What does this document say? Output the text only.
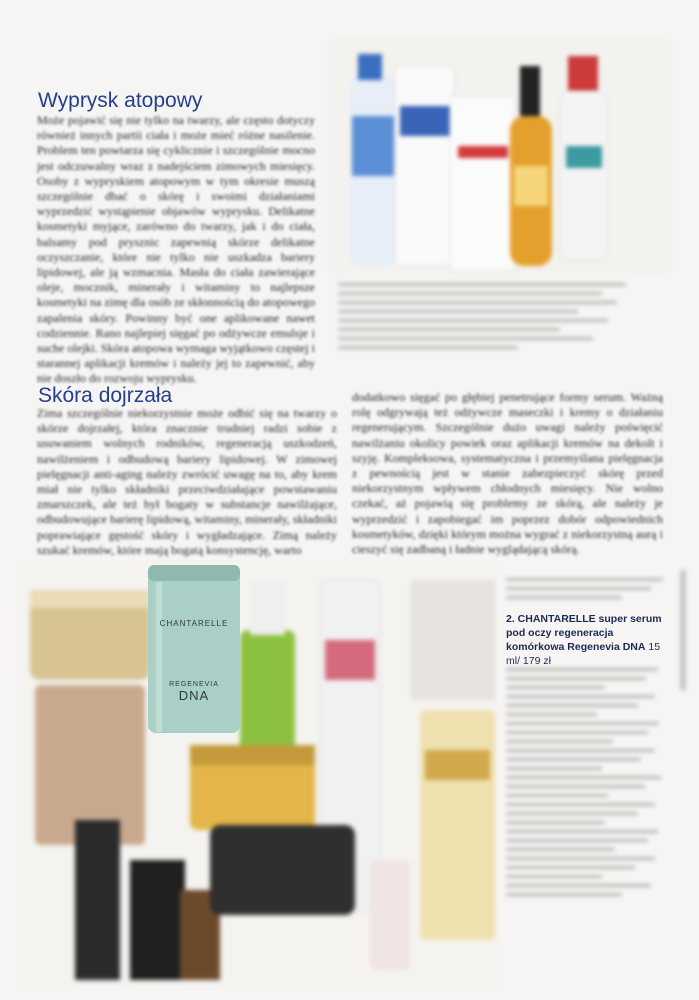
Wyprysk atopowy

Może pojawić się nie tylko na twarzy, ale często dotyczy również innych partii ciała i może mieć różne nasilenie. Problem ten powtarza się cyklicznie i szczególnie mocno jest odczuwalny wraz z nadejściem zimowych miesięcy. Osoby z wypryskiem atopowym w tym okresie muszą szczególnie dbać o skórę i swoimi działaniami wyprzedzić wystąpienie objawów wyprysku. Delikatne kosmetyki myjące, zarówno do twarzy, jak i do ciała, balsamy pod prysznic zapewnią skórze delikatne oczyszczanie, które nie tylko nie uszkadza bariery lipidowej, ale ją wzmacnia. Masła do ciała zawierające oleje, mocznik, minerały i witaminy to najlepsze kosmetyki na zimę dla osób ze skłonnością do atopowego zapalenia skóry. Powinny być one aplikowane nawet codziennie. Rano najlepiej sięgać po odżywcze emulsje i suche olejki. Skóra atopowa wymaga wyjątkowo częstej i starannej aplikacji kremów i należy jej to zapewnić, aby nie doszło do rozwoju wyprysku.

Skóra dojrzała

Zima szczególnie niekorzystnie może odbić się na twarzy o skórze dojrzałej, która znacznie trudniej radzi sobie z usuwaniem wolnych rodników, regeneracją uszkodzeń, nawilżeniem i odbudową bariery lipidowej. W zimowej pielęgnacji anti-aging należy zwrócić uwagę na to, aby krem miał nie tylko składniki przeciwdziałające powstawaniu zmarszczek, ale też był bogaty w substancje nawilżające, odbudowujące barierę lipidową, witaminy, minerały, składniki poprawiające gęstość skóry i wygładzające. Zimą należy szukać kremów, które mają bogatą konsystencję, warto

dodatkowo sięgać po głębiej penetrujące formy serum. Ważną rolę odgrywają też odżywcze maseczki i kremy o działaniu regenerującym. Szczególnie dużo uwagi należy poświęcić nawilżaniu okolicy powiek oraz aplikacji kremów na dekolt i szyję. Kompleksowa, systematyczna i przemyślana pielęgnacja z pewnością jest w stanie zabezpieczyć skórę przed niekorzystnym wpływem chłodnych miesięcy. Nie wolno czekać, aż pojawią się problemy ze skórą, ale należy je wyprzedzić i zapobiegać im poprzez dobór odpowiednich kosmetyków, dzięki którym można wygrać z niekorzystną aurą i cieszyć się zadbaną i ładnie wyglądającą skórą.

CHANTARELLE
REGENEVIA
DNA
2. CHANTARELLE super serum pod oczy regeneracja komórkowa Regenevia DNA 15 ml/ 179 zł
